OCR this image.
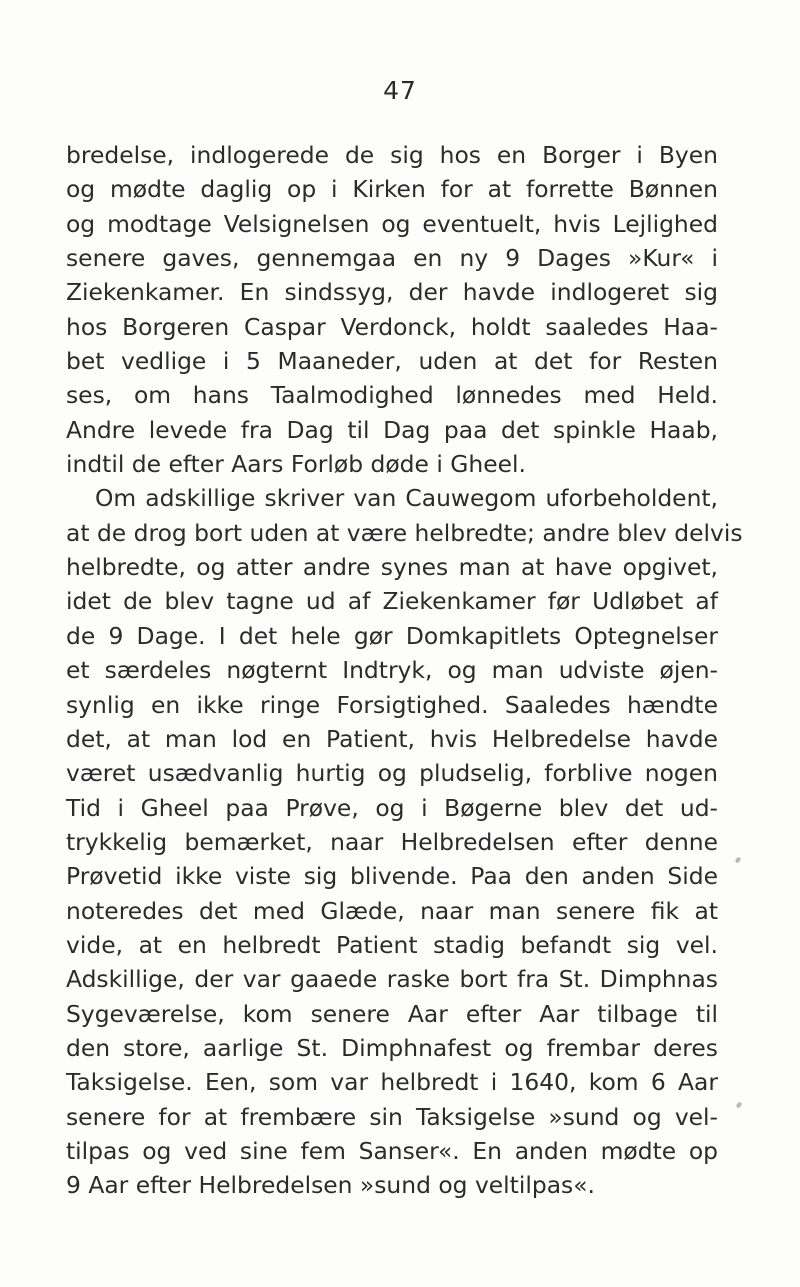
47
bredelse, indlogerede de sig hos en Borger i Byen
og mødte daglig op i Kirken for at forrette Bønnen
og modtage Velsignelsen og eventuelt, hvis Lejlighed
senere gaves, gennemgaa en ny 9 Dages »Kur« i
Ziekenkamer. En sindssyg, der havde indlogeret sig
hos Borgeren Caspar Verdonck, holdt saaledes Haa-
bet vedlige i 5 Maaneder, uden at det for Resten
ses, om hans Taalmodighed lønnedes med Held.
Andre levede fra Dag til Dag paa det spinkle Haab,
indtil de efter Aars Forløb døde i Gheel.
Om adskillige skriver van Cauwegom uforbeholdent,
at de drog bort uden at være helbredte; andre blev delvis
helbredte, og atter andre synes man at have opgivet,
idet de blev tagne ud af Ziekenkamer før Udløbet af
de 9 Dage. I det hele gør Domkapitlets Optegnelser
et særdeles nøgternt Indtryk, og man udviste øjen-
synlig en ikke ringe Forsigtighed. Saaledes hændte
det, at man lod en Patient, hvis Helbredelse havde
været usædvanlig hurtig og pludselig, forblive nogen
Tid i Gheel paa Prøve, og i Bøgerne blev det ud-
trykkelig bemærket, naar Helbredelsen efter denne
Prøvetid ikke viste sig blivende. Paa den anden Side
noteredes det med Glæde, naar man senere fik at
vide, at en helbredt Patient stadig befandt sig vel.
Adskillige, der var gaaede raske bort fra St. Dimphnas
Sygeværelse, kom senere Aar efter Aar tilbage til
den store, aarlige St. Dimphnafest og frembar deres
Taksigelse. Een, som var helbredt i 1640, kom 6 Aar
senere for at frembære sin Taksigelse »sund og vel-
tilpas og ved sine fem Sanser«. En anden mødte op
9 Aar efter Helbredelsen »sund og veltilpas«.
